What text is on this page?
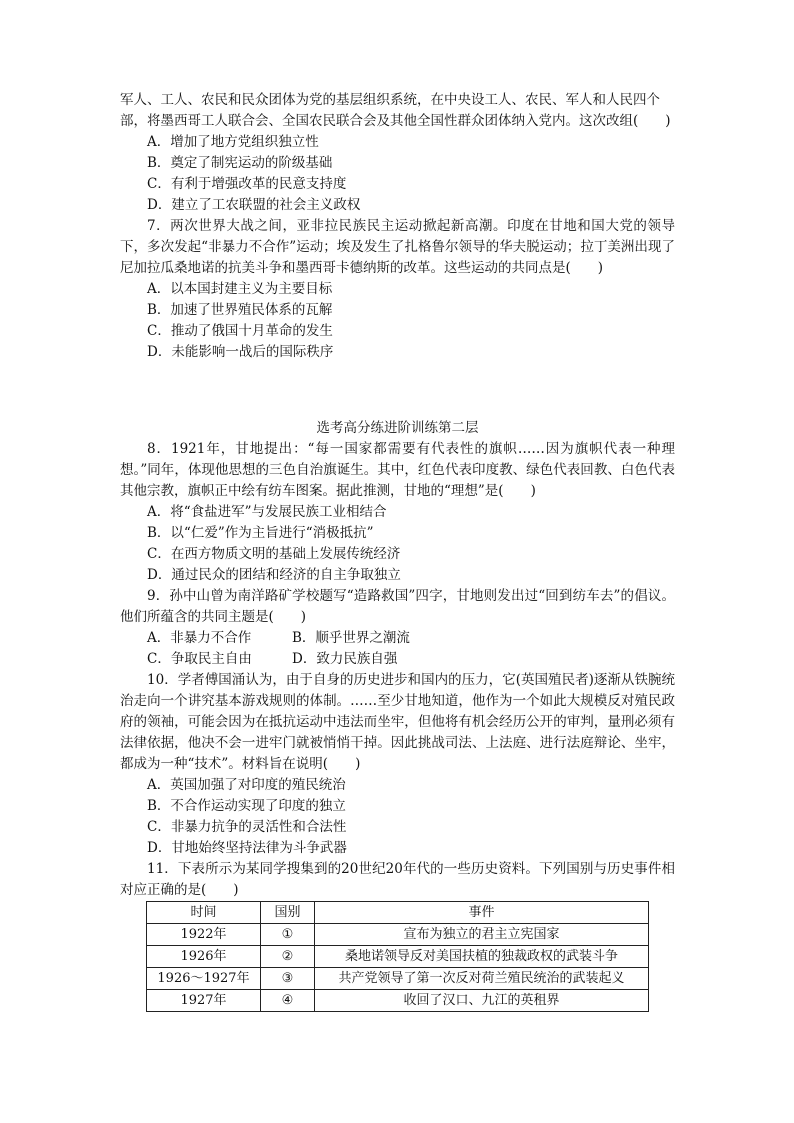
军人、工人、农民和民众团体为党的基层组织系统，在中央设工人、农民、军人和人民四个

部，将墨西哥工人联合会、全国农民联合会及其他全国性群众团体纳入党内。这次改组(　　)

A．增加了地方党组织独立性

B．奠定了制宪运动的阶级基础

C．有利于增强改革的民意支持度

D．建立了工农联盟的社会主义政权

7．两次世界大战之间，亚非拉民族民主运动掀起新高潮。印度在甘地和国大党的领导下，多次发起“非暴力不合作”运动；埃及发生了扎格鲁尔领导的华夫脱运动；拉丁美洲出现了尼加拉瓜桑地诺的抗美斗争和墨西哥卡德纳斯的改革。这些运动的共同点是(　　)

A．以本国封建主义为主要目标

B．加速了世界殖民体系的瓦解

C．推动了俄国十月革命的发生

D．未能影响一战后的国际秩序

选考高分练进阶训练第二层

8．1921年，甘地提出：“每一国家都需要有代表性的旗帜……因为旗帜代表一种理想。”同年，体现他思想的三色自治旗诞生。其中，红色代表印度教、绿色代表回教、白色代表其他宗教，旗帜正中绘有纺车图案。据此推测，甘地的“理想”是(　　)

A．将“食盐进军”与发展民族工业相结合

B．以“仁爱”作为主旨进行“消极抵抗”

C．在西方物质文明的基础上发展传统经济

D．通过民众的团结和经济的自主争取独立

9．孙中山曾为南洋路矿学校题写“造路救国”四字，甘地则发出过“回到纺车去”的倡议。他们所蕴含的共同主题是(　　)

A．非暴力不合作	B．顺乎世界之潮流
C．争取民主自由	D．致力民族自强

10．学者傅国涌认为，由于自身的历史进步和国内的压力，它(英国殖民者)逐渐从铁腕统治走向一个讲究基本游戏规则的体制。……至少甘地知道，他作为一个如此大规模反对殖民政府的领袖，可能会因为在抵抗运动中违法而坐牢，但他将有机会经历公开的审判，量刑必须有法律依据，他决不会一进牢门就被悄悄干掉。因此挑战司法、上法庭、进行法庭辩论、坐牢，都成为一种“技术”。材料旨在说明(　　)

A．英国加强了对印度的殖民统治

B．不合作运动实现了印度的独立

C．非暴力抗争的灵活性和合法性

D．甘地始终坚持法律为斗争武器

11．下表所示为某同学搜集到的20世纪20年代的一些历史资料。下列国别与历史事件相对应正确的是(　　)

时间	国别	事件
1922年	①	宣布为独立的君主立宪国家
1926年	②	桑地诺领导反对美国扶植的独裁政权的武装斗争
1926～1927年	③	共产党领导了第一次反对荷兰殖民统治的武装起义
1927年	④	收回了汉口、九江的英租界
